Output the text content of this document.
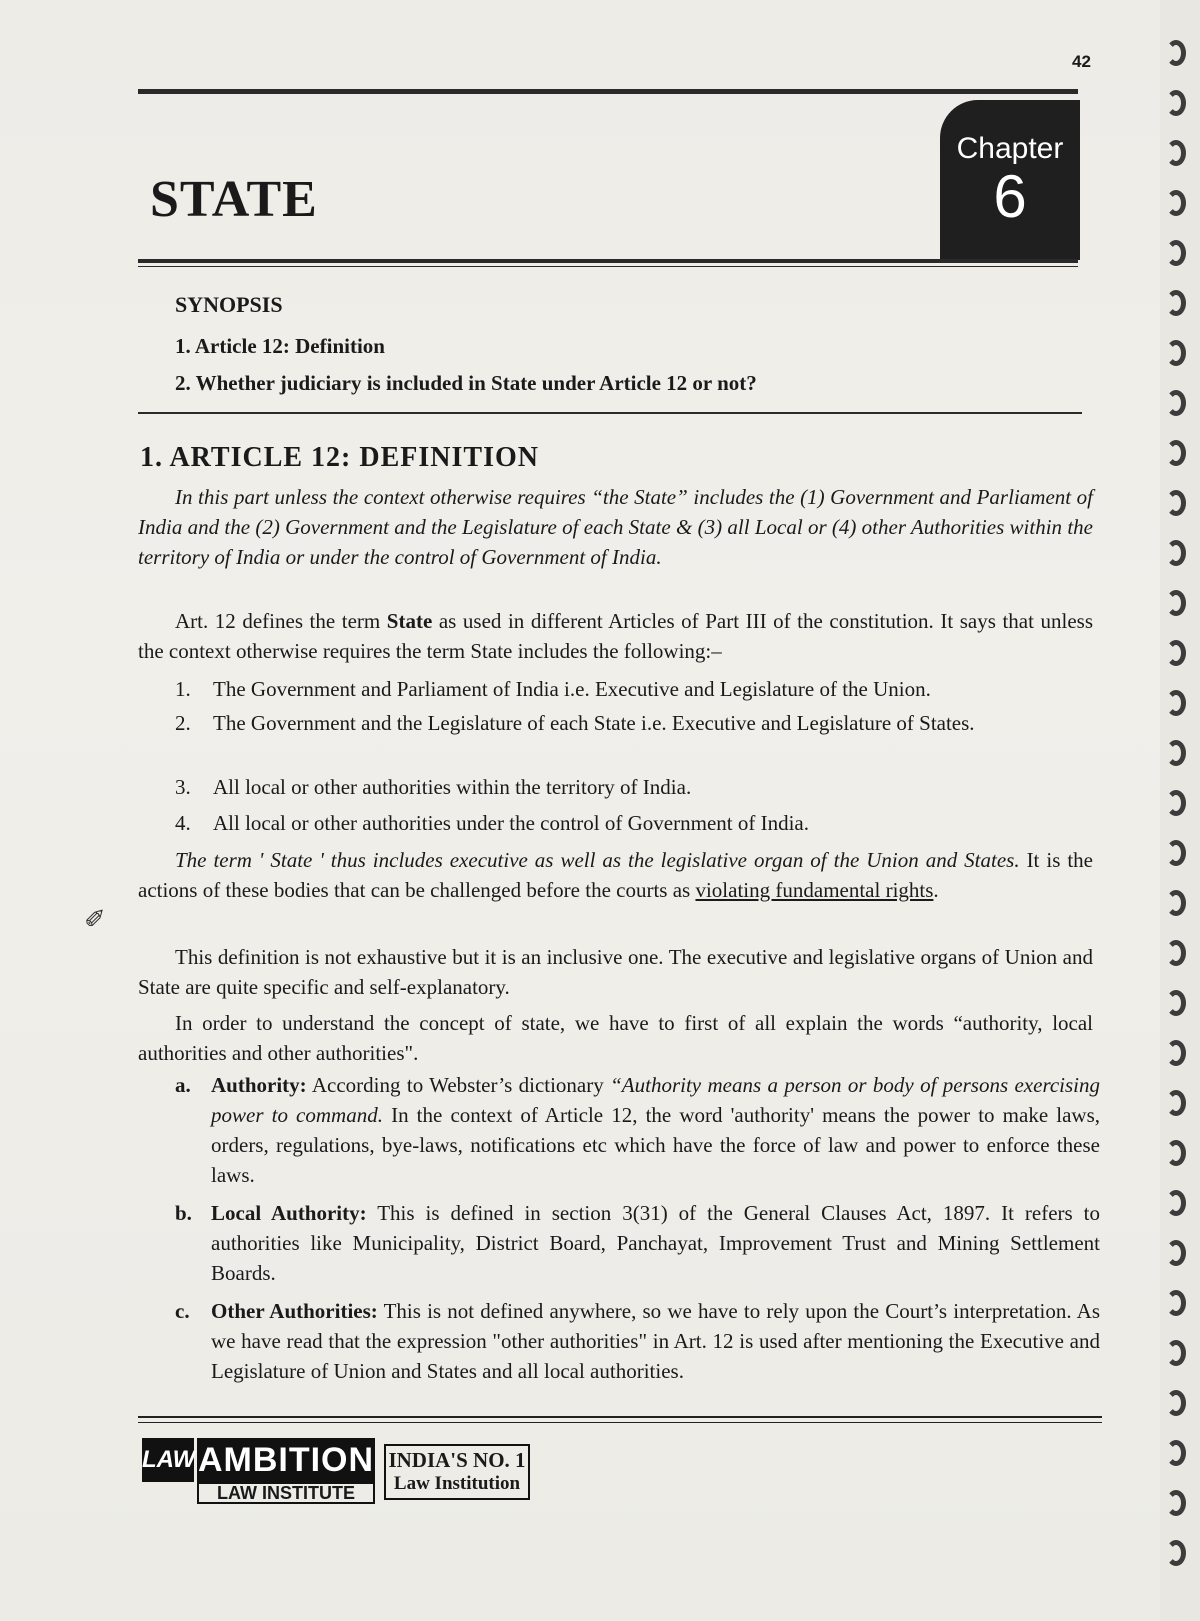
42
Chapter
6
STATE
SYNOPSIS
1. Article 12: Definition
2. Whether judiciary is included in State under Article 12 or not?
1. ARTICLE 12: DEFINITION

In this part unless the context otherwise requires “the State” includes the (1) Government and Parliament of India and the (2) Government and the Legislature of each State & (3) all Local or (4) other Authorities within the territory of India or under the control of Government of India.

Art. 12 defines the term State as used in different Articles of Part III of the constitution. It says that unless the context otherwise requires the term State includes the following:–

1. The Government and Parliament of India i.e. Executive and Legislature of the Union.
2. The Government and the Legislature of each State i.e. Executive and Legislature of States.
3. All local or other authorities within the territory of India.
4. All local or other authorities under the control of Government of India.

The term ' State ' thus includes executive as well as the legislative organ of the Union and States. It is the actions of these bodies that can be challenged before the courts as violating fundamental rights.

✐

This definition is not exhaustive but it is an inclusive one. The executive and legislative organs of Union and State are quite specific and self-explanatory.

In order to understand the concept of state, we have to first of all explain the words “authority, local authorities and other authorities".

a. Authority: According to Webster’s dictionary “Authority means a person or body of persons exercising power to command. In the context of Article 12, the word 'authority' means the power to make laws, orders, regulations, bye-laws, notifications etc which have the force of law and power to enforce these laws.
b. Local Authority: This is defined in section 3(31) of the General Clauses Act, 1897. It refers to authorities like Municipality, District Board, Panchayat, Improvement Trust and Mining Settlement Boards.
c. Other Authorities: This is not defined anywhere, so we have to rely upon the Court’s interpretation. As we have read that the expression "other authorities" in Art. 12 is used after mentioning the Executive and Legislature of Union and States and all local authorities.
LAW AMBITION
LAW INSTITUTE
INDIA'S NO. 1
Law Institution
